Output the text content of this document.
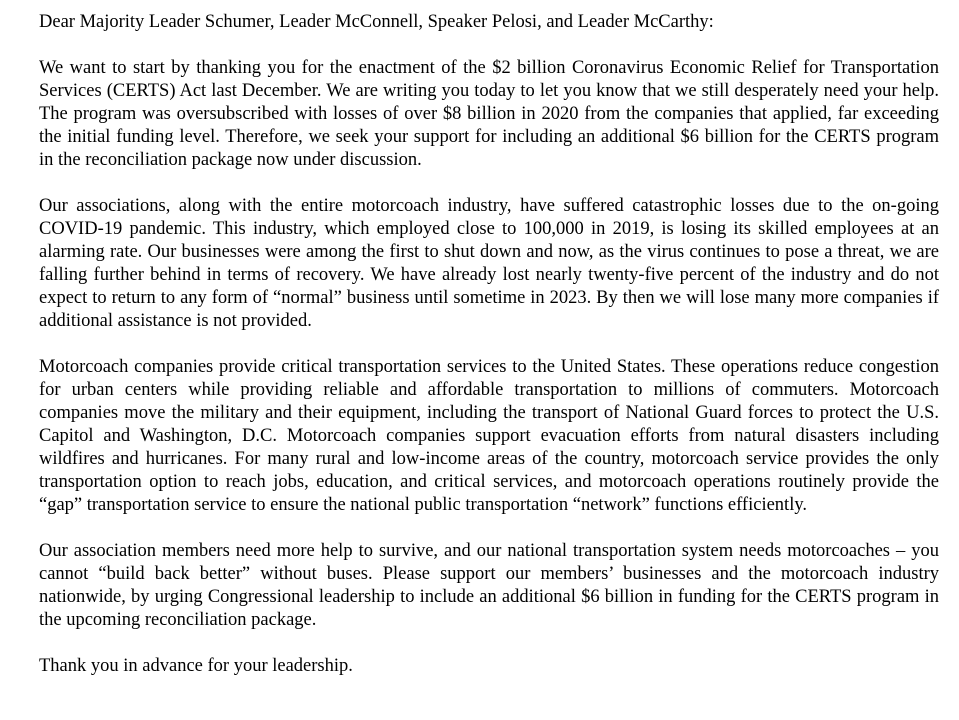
Dear Majority Leader Schumer, Leader McConnell, Speaker Pelosi, and Leader McCarthy:

We want to start by thanking you for the enactment of the $2 billion Coronavirus Economic Relief for Transportation Services (CERTS) Act last December. We are writing you today to let you know that we still desperately need your help. The program was oversubscribed with losses of over $8 billion in 2020 from the companies that applied, far exceeding the initial funding level. Therefore, we seek your support for including an additional $6 billion for the CERTS program in the reconciliation package now under discussion.

Our associations, along with the entire motorcoach industry, have suffered catastrophic losses due to the on-going COVID-19 pandemic. This industry, which employed close to 100,000 in 2019, is losing its skilled employees at an alarming rate. Our businesses were among the first to shut down and now, as the virus continues to pose a threat, we are falling further behind in terms of recovery. We have already lost nearly twenty-five percent of the industry and do not expect to return to any form of “normal” business until sometime in 2023. By then we will lose many more companies if additional assistance is not provided.

Motorcoach companies provide critical transportation services to the United States. These operations reduce congestion for urban centers while providing reliable and affordable transportation to millions of commuters. Motorcoach companies move the military and their equipment, including the transport of National Guard forces to protect the U.S. Capitol and Washington, D.C. Motorcoach companies support evacuation efforts from natural disasters including wildfires and hurricanes. For many rural and low-income areas of the country, motorcoach service provides the only transportation option to reach jobs, education, and critical services, and motorcoach operations routinely provide the “gap” transportation service to ensure the national public transportation “network” functions efficiently.

Our association members need more help to survive, and our national transportation system needs motorcoaches – you cannot “build back better” without buses. Please support our members’ businesses and the motorcoach industry nationwide, by urging Congressional leadership to include an additional $6 billion in funding for the CERTS program in the upcoming reconciliation package.

Thank you in advance for your leadership.
